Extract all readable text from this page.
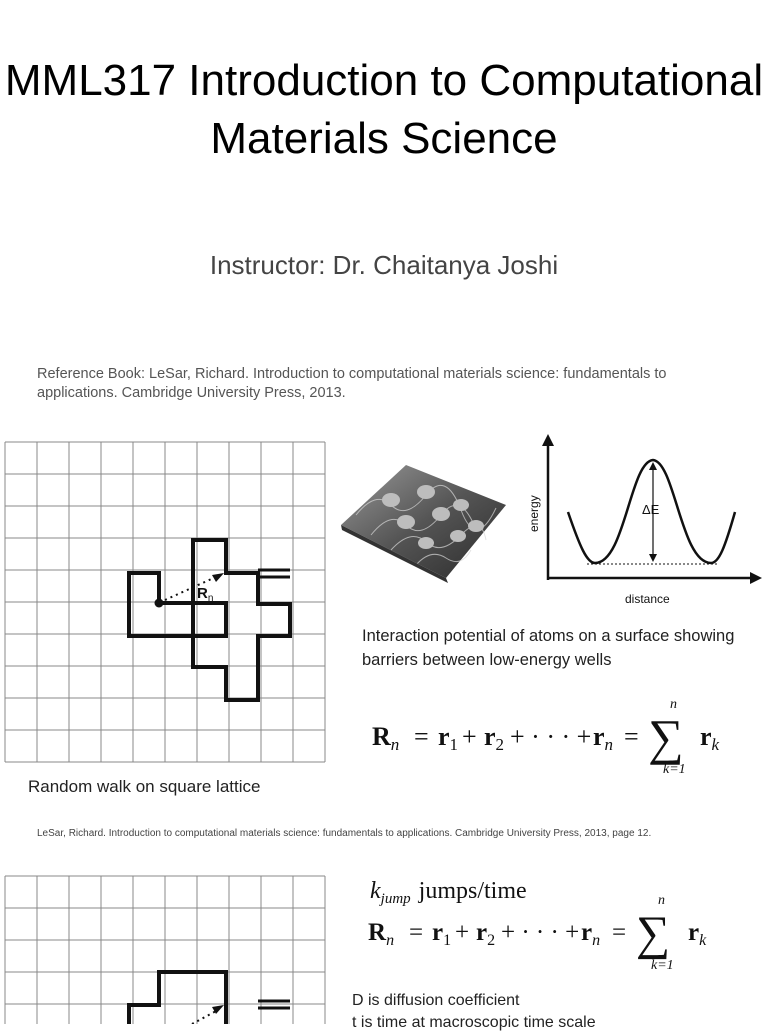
MML317 Introduction to Computational Materials Science
Instructor: Dr. Chaitanya Joshi
Reference Book: LeSar, Richard. Introduction to computational materials science: fundamentals to applications. Cambridge University Press, 2013.
$R_n$
Random walk on square lattice
ΔE
energy
distance
Interaction potential of atoms on a surface showing barriers between low-energy wells
Rn = r1 + r2 + · · · + rn = ∑
n
k=1
rk
LeSar, Richard. Introduction to computational materials science: fundamentals to applications. Cambridge University Press, 2013, page 12.
$k_{jump}$ jumps/time
$R_n = r_1 + r_2$ + · · · + $r_n$ = ∑
n
k=1
$r_k$
D is diffusion coefficient
t is time at macroscopic time scale
